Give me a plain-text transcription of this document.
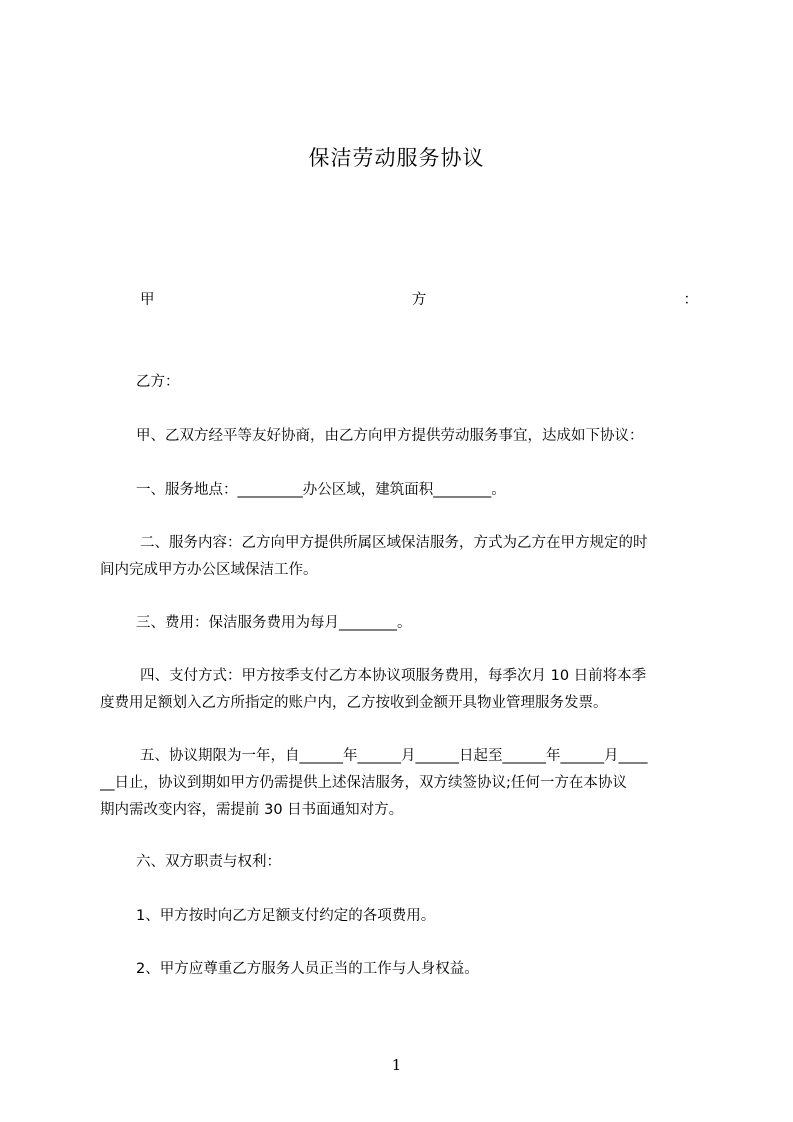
保洁劳动服务协议
甲	方	：
乙方：
甲、乙双方经平等友好协商，由乙方向甲方提供劳动服务事宜，达成如下协议：
一、服务地点：_________办公区域，建筑面积________。
二、服务内容：乙方向甲方提供所属区域保洁服务，方式为乙方在甲方规定的时
间内完成甲方办公区域保洁工作。
三、费用：保洁服务费用为每月________。
四、支付方式：甲方按季支付乙方本协议项服务费用，每季次月 10 日前将本季
度费用足额划入乙方所指定的账户内，乙方按收到金额开具物业管理服务发票。
五、协议期限为一年，自______年______月______日起至______年______月____
__日止，协议到期如甲方仍需提供上述保洁服务，双方续签协议;任何一方在本协议
期内需改变内容，需提前 30 日书面通知对方。
六、双方职责与权利：
1、甲方按时向乙方足额支付约定的各项费用。
2、甲方应尊重乙方服务人员正当的工作与人身权益。
1
